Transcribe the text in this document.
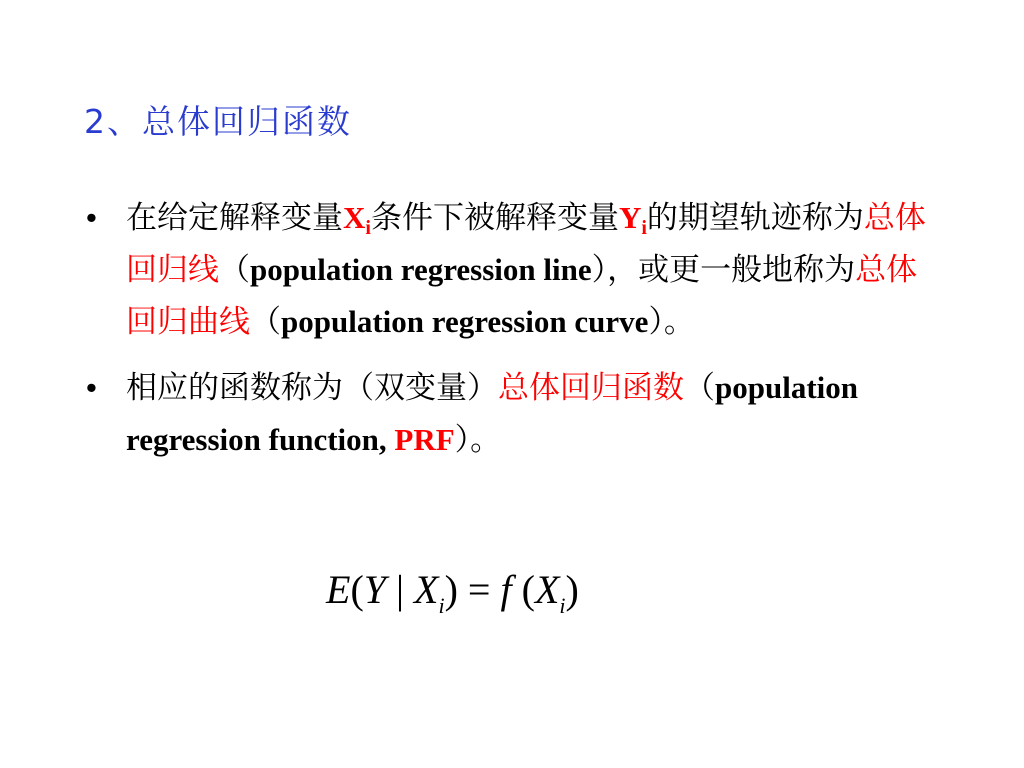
2、总体回归函数
• 在给定解释变量$X_i$条件下被解释变量$Y_i$的期望轨迹称为总体回归线（population regression line），或更一般地称为总体回归曲线（population regression curve）。
• 相应的函数称为（双变量）总体回归函数（population regression function, PRF）。
E(Y | $X_i) = f$ $(X_i)$
